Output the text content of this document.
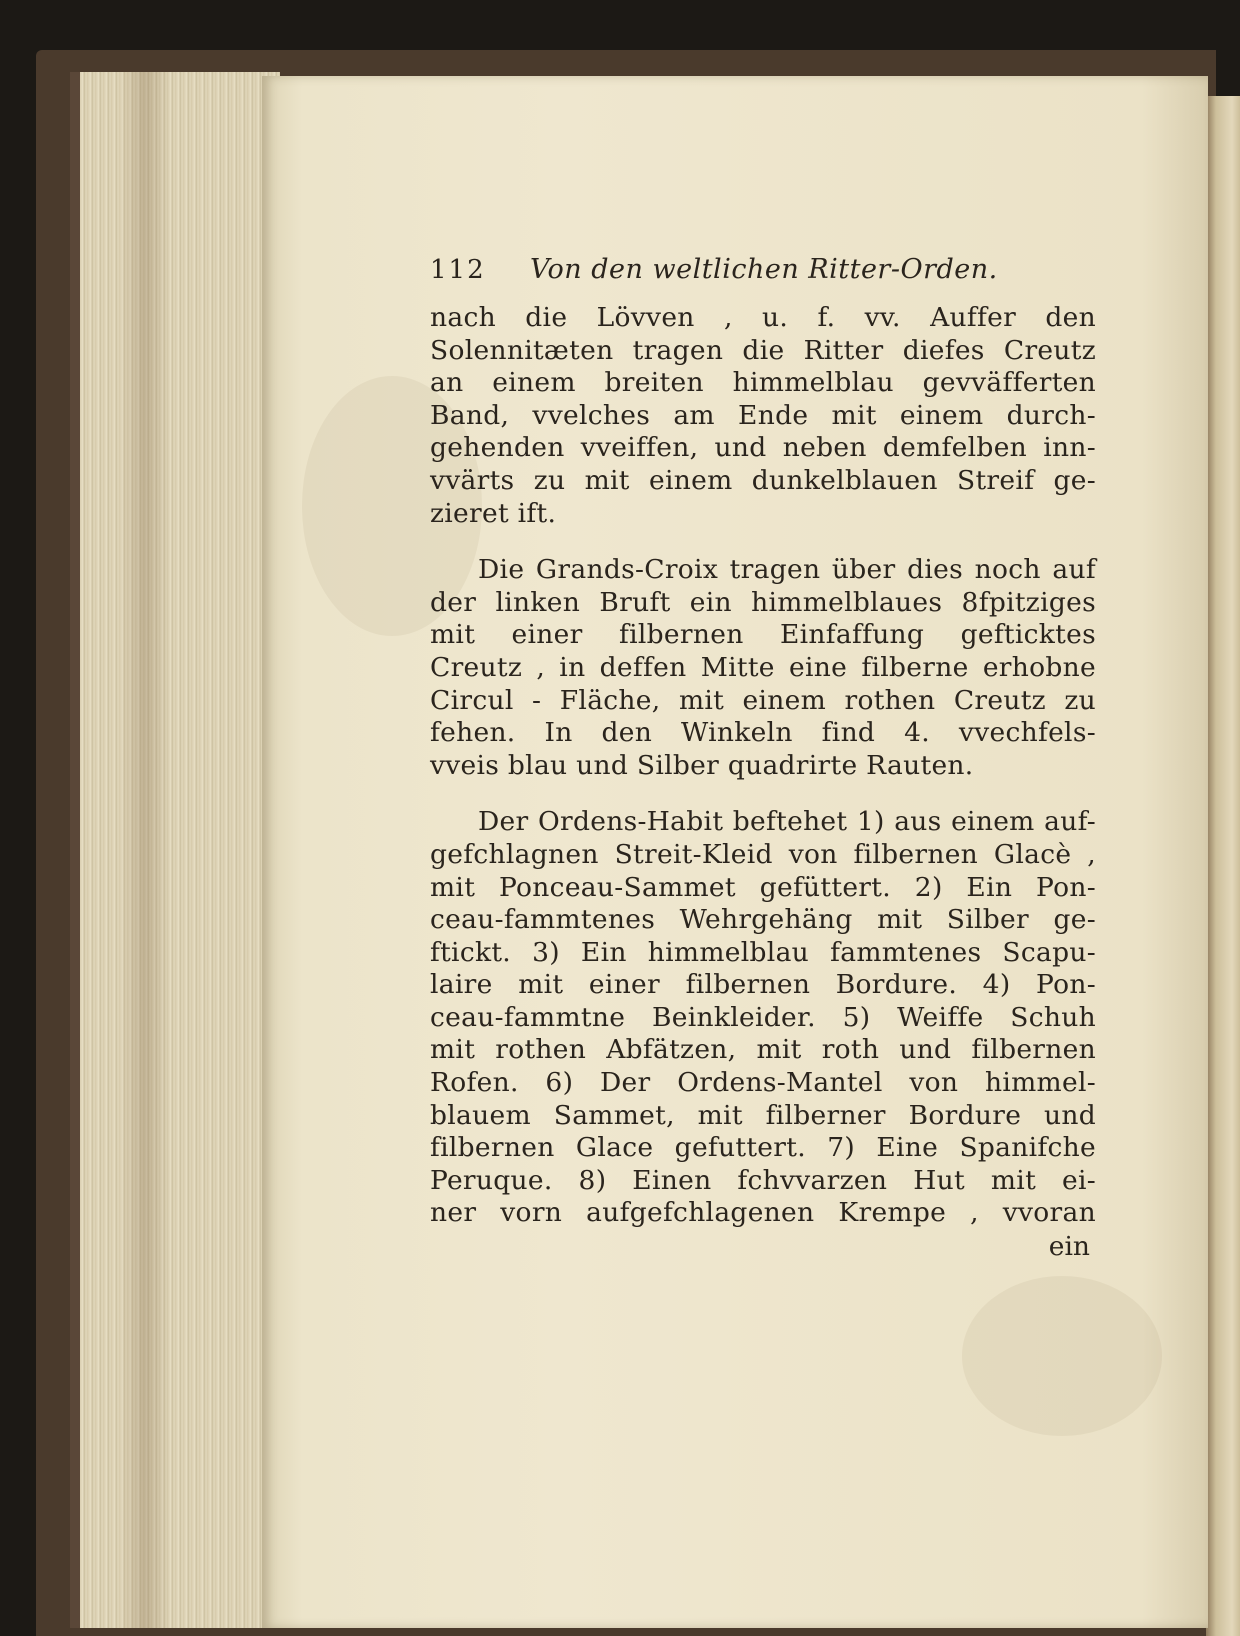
112	Von den weltlichen Ritter-Orden.
nach die Lövven , u. f. vv. Auffer den
Solennitæten tragen die Ritter diefes Creutz
an einem breiten himmelblau gevväfferten
Band, vvelches am Ende mit einem durch-
gehenden vveiffen, und neben demfelben inn-
vvärts zu mit einem dunkelblauen Streif ge-
zieret ift.
Die Grands-Croix tragen über dies noch auf
der linken Bruft ein himmelblaues 8fpitziges
mit einer filbernen Einfaffung gefticktes
Creutz , in deffen Mitte eine filberne erhobne
Circul - Fläche, mit einem rothen Creutz zu
fehen. In den Winkeln find 4. vvechfels-
vveis blau und Silber quadrirte Rauten.
Der Ordens-Habit beftehet 1) aus einem auf-
gefchlagnen Streit-Kleid von filbernen Glacè ,
mit Ponceau-Sammet gefüttert. 2) Ein Pon-
ceau-fammtenes Wehrgehäng mit Silber ge-
ftickt. 3) Ein himmelblau fammtenes Scapu-
laire mit einer filbernen Bordure. 4) Pon-
ceau-fammtne Beinkleider. 5) Weiffe Schuh
mit rothen Abfätzen, mit roth und filbernen
Rofen. 6) Der Ordens-Mantel von himmel-
blauem Sammet, mit filberner Bordure und
filbernen Glace gefuttert. 7) Eine Spanifche
Peruque. 8) Einen fchvvarzen Hut mit ei-
ner vorn aufgefchlagenen Krempe , vvoran
ein
